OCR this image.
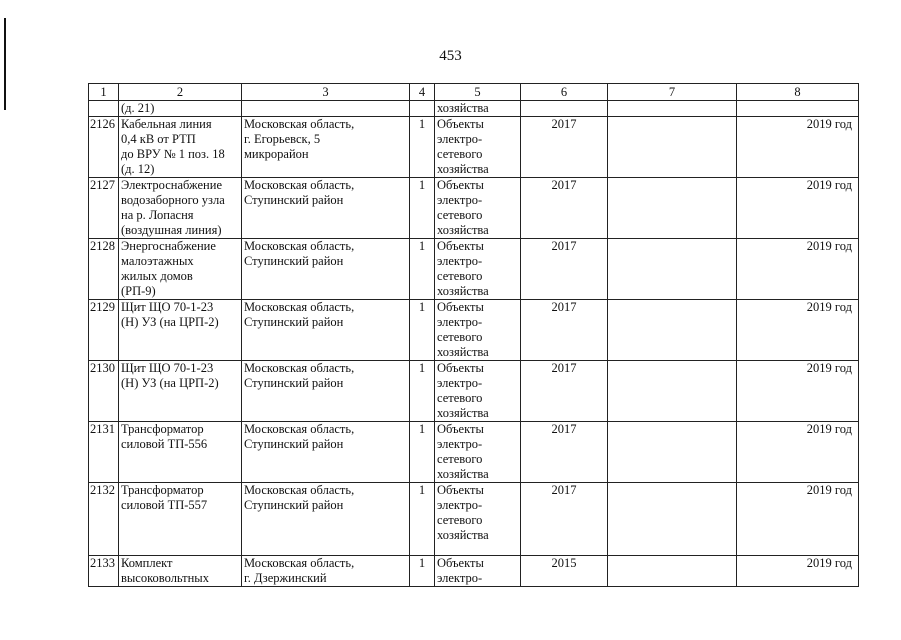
453
1	2	3	4	5	6	7	8
	(д. 21)			хозяйства			
2126	Кабельная линия
0,4 кВ от РТП
до ВРУ № 1 поз. 18
(д. 12)	Московская область,
г. Егорьевск, 5
микрорайон	1	Объекты
электро-
сетевого
хозяйства	2017		2019 год
2127	Электроснабжение
водозаборного узла
на р. Лопасня
(воздушная линия)	Московская область,
Ступинский район	1	Объекты
электро-
сетевого
хозяйства	2017		2019 год
2128	Энергоснабжение
малоэтажных
жилых домов
(РП-9)	Московская область,
Ступинский район	1	Объекты
электро-
сетевого
хозяйства	2017		2019 год
2129	Щит ЩО 70-1-23
(Н) УЗ (на ЦРП-2)	Московская область,
Ступинский район	1	Объекты
электро-
сетевого
хозяйства	2017		2019 год
2130	Щит ЩО 70-1-23
(Н) УЗ (на ЦРП-2)	Московская область,
Ступинский район	1	Объекты
электро-
сетевого
хозяйства	2017		2019 год
2131	Трансформатор
силовой ТП-556	Московская область,
Ступинский район	1	Объекты
электро-
сетевого
хозяйства	2017		2019 год
2132	Трансформатор
силовой ТП-557	Московская область,
Ступинский район	1	Объекты
электро-
сетевого
хозяйства	2017		2019 год
2133	Комплект
высоковольтных	Московская область,
г. Дзержинский	1	Объекты
электро-	2015		2019 год
